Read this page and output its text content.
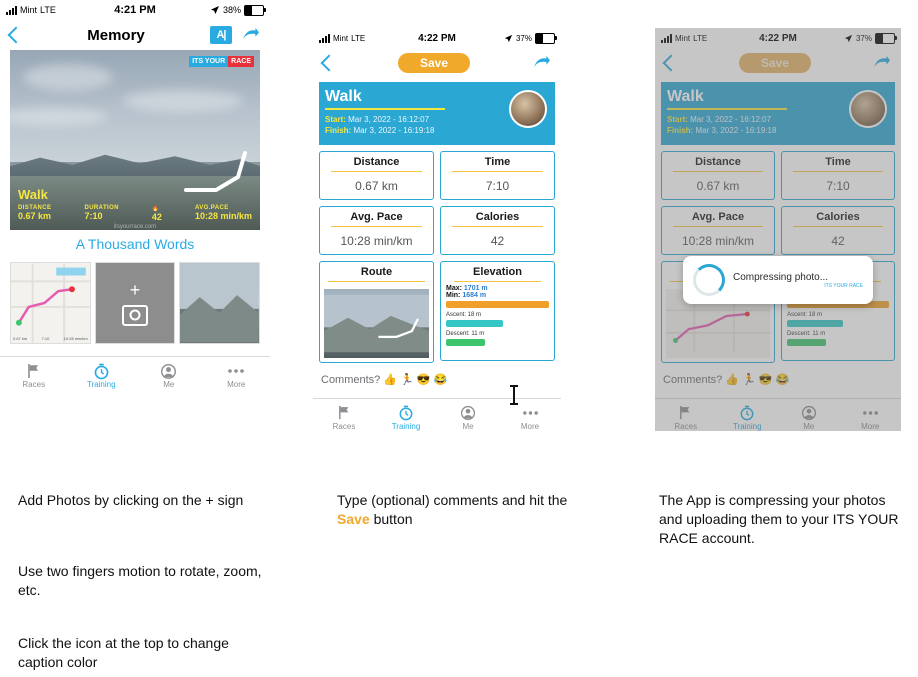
Mint LTE	4:21 PM	38%
Memory	A|
ITS YOUR RACE
Walk
DISTANCE
0.67 km
DURATION
7:10
🔥
42
AVG.PACE
10:28 min/km
itsyourrace.com
A Thousand Words
0.67 km	7:10	10:28 min/km
+
Races	Training	Me	More
Add Photos by clicking on the + sign
Use two fingers motion to rotate, zoom, etc.
Click the icon at the top to change caption color
Mint LTE	4:22 PM	37%
Save
Walk
Start: Mar 3, 2022 - 16:12:07
Finish: Mar 3, 2022 - 16:19:18
Distance
0.67 km
Time
7:10
Avg. Pace
10:28 min/km
Calories
42
Route	Elevation
Max: 1701 m
Min: 1684 m
Ascent: 18 m
Descent: 11 m
Comments? 👍 🏃 😎 😂
Races	Training	Me	More
Type (optional) comments and hit the Save button
Mint LTE	4:22 PM	37%
Save
Walk
Start: Mar 3, 2022 - 16:12:07
Finish: Mar 3, 2022 - 16:19:18
Distance
0.67 km
Time
7:10
Avg. Pace
10:28 min/km
Calories
42
Ascent: 18 m
Descent: 11 m
Comments? 👍 🏃 😎 😂
Races	Training	Me	More
Compressing photo...
ITS YOUR RACE
The App is compressing your photos and uploading them to your ITS YOUR RACE account.
